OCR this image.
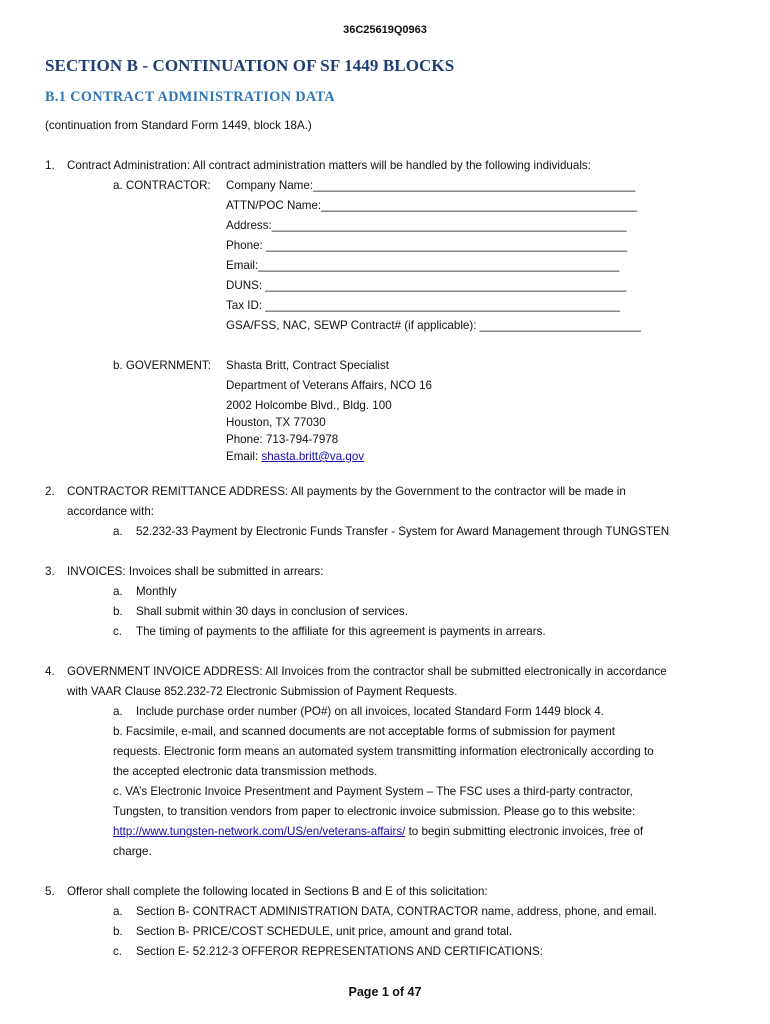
36C25619Q0963
SECTION B - CONTINUATION OF SF 1449 BLOCKS
B.1 CONTRACT ADMINISTRATION DATA
(continuation from Standard Form 1449, block 18A.)
1. Contract Administration: All contract administration matters will be handled by the following individuals:
a. CONTRACTOR: Company Name:__________________________________________________
ATTN/POC Name:_________________________________________________
Address:_______________________________________________________
Phone: ________________________________________________________
Email:________________________________________________________
DUNS: ________________________________________________________
Tax ID: _______________________________________________________
GSA/FSS, NAC, SEWP Contract# (if applicable): _________________________
b. GOVERNMENT: Shasta Britt, Contract Specialist
Department of Veterans Affairs, NCO 16
2002 Holcombe Blvd., Bldg. 100
Houston, TX 77030
Phone: 713-794-7978
Email: shasta.britt@va.gov
2. CONTRACTOR REMITTANCE ADDRESS: All payments by the Government to the contractor will be made in
accordance with:
a. 52.232-33 Payment by Electronic Funds Transfer - System for Award Management through TUNGSTEN
3. INVOICES: Invoices shall be submitted in arrears:
a. Monthly
b. Shall submit within 30 days in conclusion of services.
c. The timing of payments to the affiliate for this agreement is payments in arrears.
4. GOVERNMENT INVOICE ADDRESS: All Invoices from the contractor shall be submitted electronically in accordance
with VAAR Clause 852.232-72 Electronic Submission of Payment Requests.
a. Include purchase order number (PO#) on all invoices, located Standard Form 1449 block 4.
b. Facsimile, e-mail, and scanned documents are not acceptable forms of submission for payment
requests. Electronic form means an automated system transmitting information electronically according to
the accepted electronic data transmission methods.
c. VA’s Electronic Invoice Presentment and Payment System – The FSC uses a third-party contractor,
Tungsten, to transition vendors from paper to electronic invoice submission. Please go to this website:
http://www.tungsten-network.com/US/en/veterans-affairs/ to begin submitting electronic invoices, free of
charge.
5. Offeror shall complete the following located in Sections B and E of this solicitation:
a. Section B- CONTRACT ADMINISTRATION DATA, CONTRACTOR name, address, phone, and email.
b. Section B- PRICE/COST SCHEDULE, unit price, amount and grand total.
c. Section E- 52.212-3 OFFEROR REPRESENTATIONS AND CERTIFICATIONS:
Page 1 of 47
